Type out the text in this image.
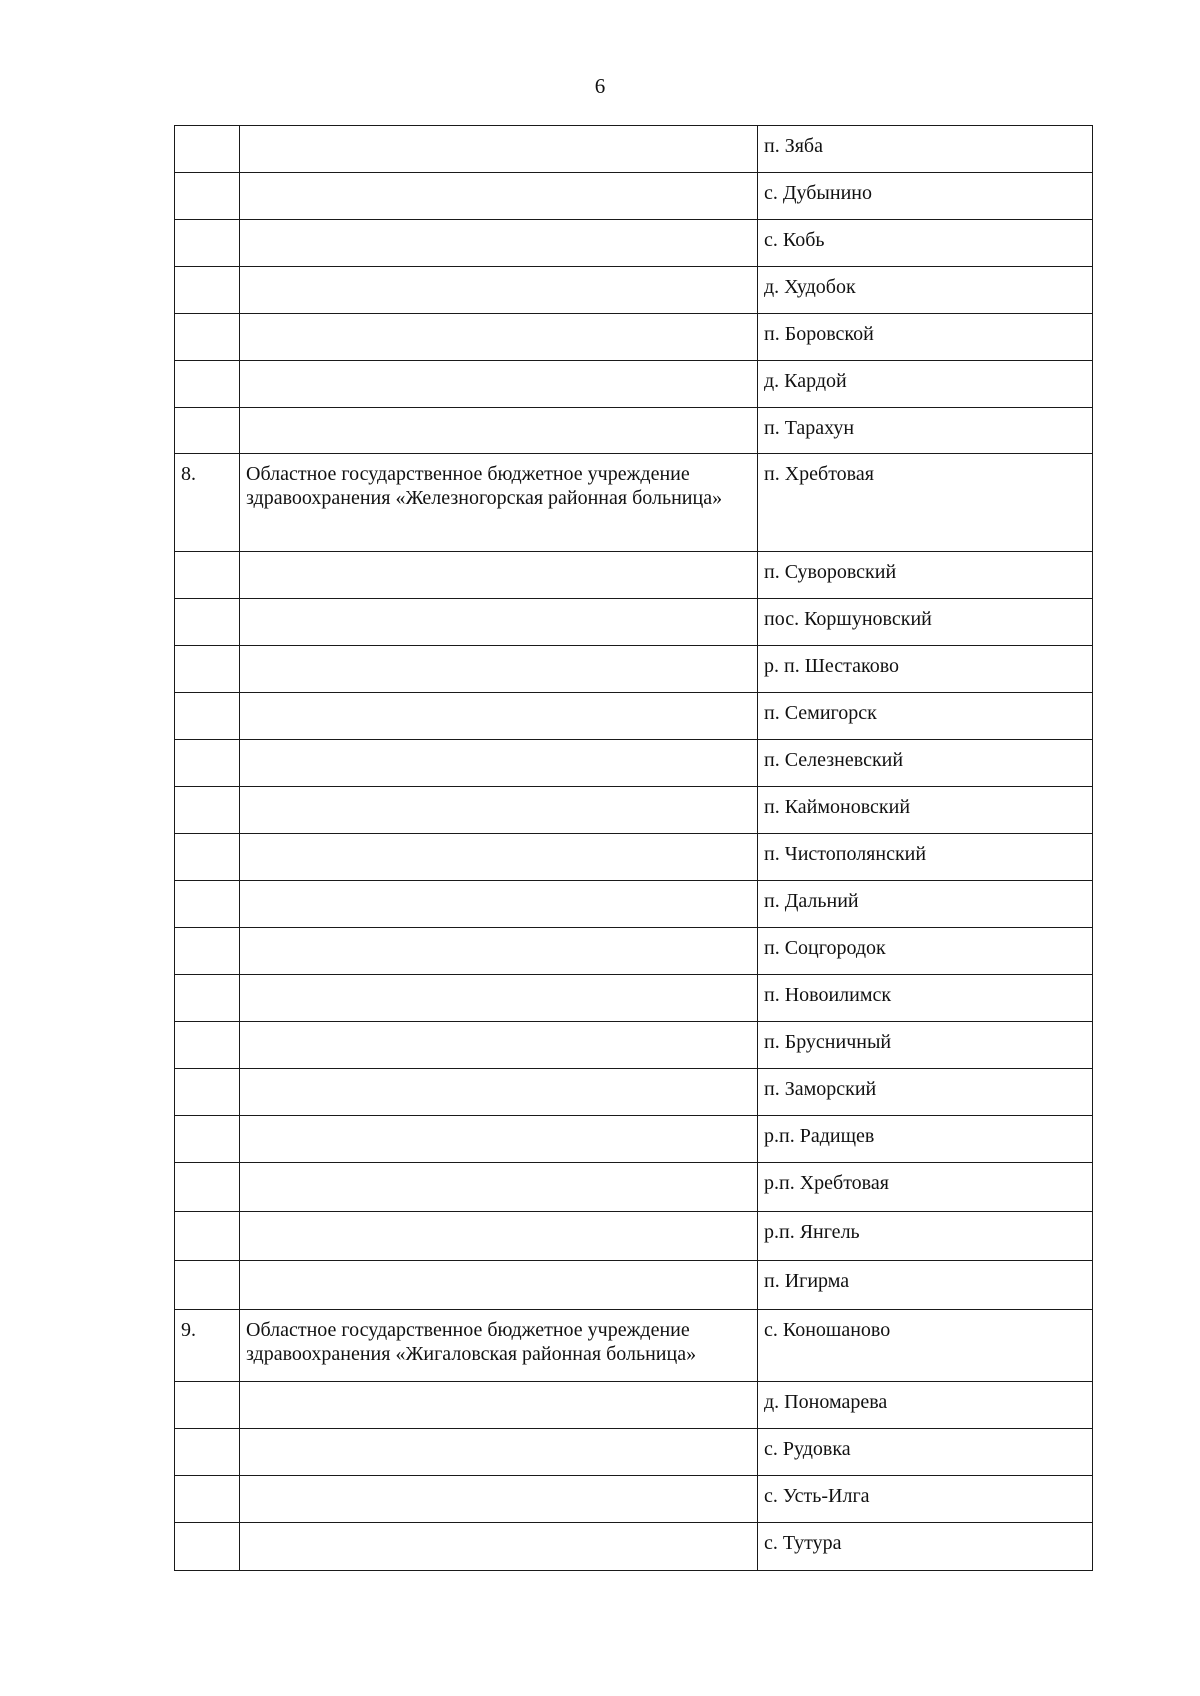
6
		п. Зяба
		с. Дубынино
		с. Кобь
		д. Худобок
		п. Боровской
		д. Кардой
		п. Тарахун
8.	Областное государственное бюджетное учреждение здравоохранения «Железногорская районная больница»	п. Хребтовая
		п. Суворовский
		пос. Коршуновский
		р. п. Шестаково
		п. Семигорск
		п. Селезневский
		п. Каймоновский
		п. Чистополянский
		п. Дальний
		п. Соцгородок
		п. Новоилимск
		п. Брусничный
		п. Заморский
		р.п. Радищев
		р.п. Хребтовая
		р.п. Янгель
		п. Игирма
9.	Областное государственное бюджетное учреждение здравоохранения «Жигаловская районная больница»	с. Коношаново
		д. Пономарева
		с. Рудовка
		с. Усть-Илга
		с. Тутура
